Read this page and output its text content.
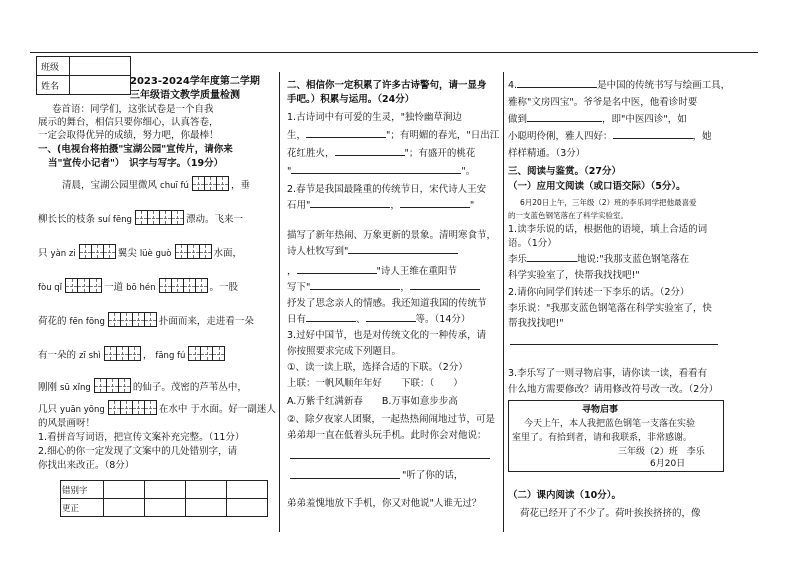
班级	
姓名		2023-2024学年度第二学期
三年级语文教学质量检测
卷首语：同学们，这张试卷是一个自我
展示的舞台，相信只要你细心，认真答卷，
一定会取得优异的成绩，努力吧，你最棒！
一、(电视台将拍摄"宝湖公园"宣传片，请你来
当"宣传小记者"）　识字与写字。（19分）
清晨，宝湖公园里微风 chuī fú	，垂
柳长长的枝条 suí fēng	漂动。飞来一
只 yàn zi	翼尖 lüè guò	水面，
fòu qǐ	一道 bō hén	。一股
荷花的 fēn fōng	扑面而来，走进看一朵
有一朵的 zī shì	， fāng fú
刚刚 sū xǐng	的仙子。茂密的芦苇丛中，
几只 yuān yōng	在水中 于水面。好一副迷人
的风景画呀！
1.看拼音写词语，把宣传文案补充完整。（11分）
2.细心的你一定发现了文案中的几处错别字，请
你找出来改正。（8分）
错别字				
更正				
二、相信你一定积累了许多古诗警句，请一显身
手吧。）积累与运用。（24分）
1.古诗词中有可爱的生灵，"独怜幽草涧边
生，	"；有明媚的春光，"日出江
花红胜火，	"；有盛开的桃花
"	"。
2.春节是我国最隆重的传统节日，宋代诗人王安
石用"	，	"
描写了新年热闹、万象更新的景象。清明寒食节，
诗人杜牧写到"
，	"诗人王维在重阳节
写下"	，
抒发了思念亲人的情感。我还知道我国的传统节
日有	、	等。（14分）
3.过好中国节，也是对传统文化的一种传承，请
你按照要求完成下列题目。
①、读一读上联，选择合适的下联。（2分）
上联：一帆风顺年年好　　下联：（　　）
A.万紫千红满新春　　B.万事如意步步高
②、除夕夜家人团聚，一起热热闹闹地过节，可是
弟弟却一直在低着头玩手机。此时你会对他说：
"听了你的话，
弟弟羞愧地放下手机，你又对他说"人谁无过？
4.	是中国的传统书写与绘画工具，
雅称"文房四宝"。爷爷是名中医，他看诊时要
做到	，即"中医四诊"，如
小聪明伶俐，雅人四好：	，她
样样精通。（3分）
三、阅读与鉴赏。（27分）
（一）应用文阅读（或口语交际）（5分）。
6月20日上午，三年级（2）班的李乐同学把他最喜爱
的一支蓝色钢笔落在了科学实验室。
1.读李乐说的话，根据他的语境，填上合适的词
语。（1分）
李乐	地说:"我那支蓝色钢笔落在
科学实验室了，快帮我找找吧!"
2.请你向同学们转述一下李乐的话。（2分）
李乐说："我那支蓝色钢笔落在科学实验室了，快
帮我找找吧!"
3.李乐写了一则寻物启事，请你读一读，看看有
什么地方需要修改？请用修改符号改一改。（2分）
寻物启事
今天上午，本人我把蓝色钢笔一支落在实验
室里了。有拾到者，请和我联系，非常感谢。
三年级（2）班　李乐
6月20日
（二）课内阅读（10分）。
荷花已经开了不少了。荷叶挨挨挤挤的，像
